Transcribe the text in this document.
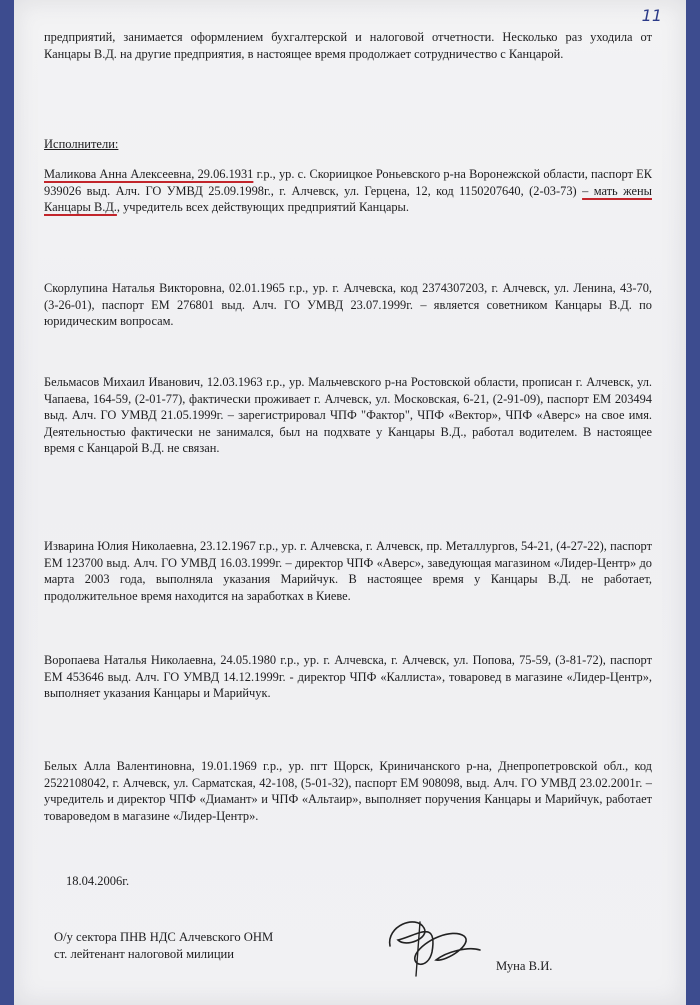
11

предприятий, занимается оформлением бухгалтерской и налоговой отчетности. Несколько раз уходила от Канцары В.Д. на другие предприятия, в настоящее время продолжает сотрудничество с Канцарой.

Исполнители:

Маликова Анна Алексеевна, 29.06.1931 г.р., ур. с. Скориицкое Роньевского р-на Воронежской области, паспорт ЕК 939026 выд. Алч. ГО УМВД 25.09.1998г., г. Алчевск, ул. Герцена, 12, код 1150207640, (2-03-73) – мать жены Канцары В.Д., учредитель всех действующих предприятий Канцары.

Скорлупина Наталья Викторовна, 02.01.1965 г.р., ур. г. Алчевска, код 2374307203, г. Алчевск, ул. Ленина, 43-70, (3-26-01), паспорт ЕМ 276801 выд. Алч. ГО УМВД 23.07.1999г. – является советником Канцары В.Д. по юридическим вопросам.

Бельмасов Михаил Иванович, 12.03.1963 г.р., ур. Мальчевского р-на Ростовской области, прописан г. Алчевск, ул. Чапаева, 164-59, (2-01-77), фактически проживает г. Алчевск, ул. Московская, 6-21, (2-91-09), паспорт ЕМ 203494 выд. Алч. ГО УМВД 21.05.1999г. – зарегистрировал ЧПФ "Фактор", ЧПФ «Вектор», ЧПФ «Аверс» на свое имя. Деятельностью фактически не занимался, был на подхвате у Канцары В.Д., работал водителем. В настоящее время с Канцарой В.Д. не связан.

Изварина Юлия Николаевна, 23.12.1967 г.р., ур. г. Алчевска, г. Алчевск, пр. Металлургов, 54-21, (4-27-22), паспорт ЕМ 123700 выд. Алч. ГО УМВД 16.03.1999г. – директор ЧПФ «Аверс», заведующая магазином «Лидер-Центр» до марта 2003 года, выполняла указания Марийчук. В настоящее время у Канцары В.Д. не работает, продолжительное время находится на заработках в Киеве.

Воропаева Наталья Николаевна, 24.05.1980 г.р., ур. г. Алчевска, г. Алчевск, ул. Попова, 75-59, (3-81-72), паспорт ЕМ 453646 выд. Алч. ГО УМВД 14.12.1999г. - директор ЧПФ «Каллиста», товаровед в магазине «Лидер-Центр», выполняет указания Канцары и Марийчук.

Белых Алла Валентиновна, 19.01.1969 г.р., ур. пгт Щорск, Криничанского р-на, Днепропетровской обл., код 2522108042, г. Алчевск, ул. Сарматская, 42-108, (5-01-32), паспорт ЕМ 908098, выд. Алч. ГО УМВД 23.02.2001г. – учредитель и директор ЧПФ «Диамант» и ЧПФ «Альтаир», выполняет поручения Канцары и Марийчук, работает товароведом в магазине «Лидер-Центр».

18.04.2006г.
О/у сектора ПНВ НДС Алчевского ОНМ
ст. лейтенант налоговой милиции
Муна В.И.
